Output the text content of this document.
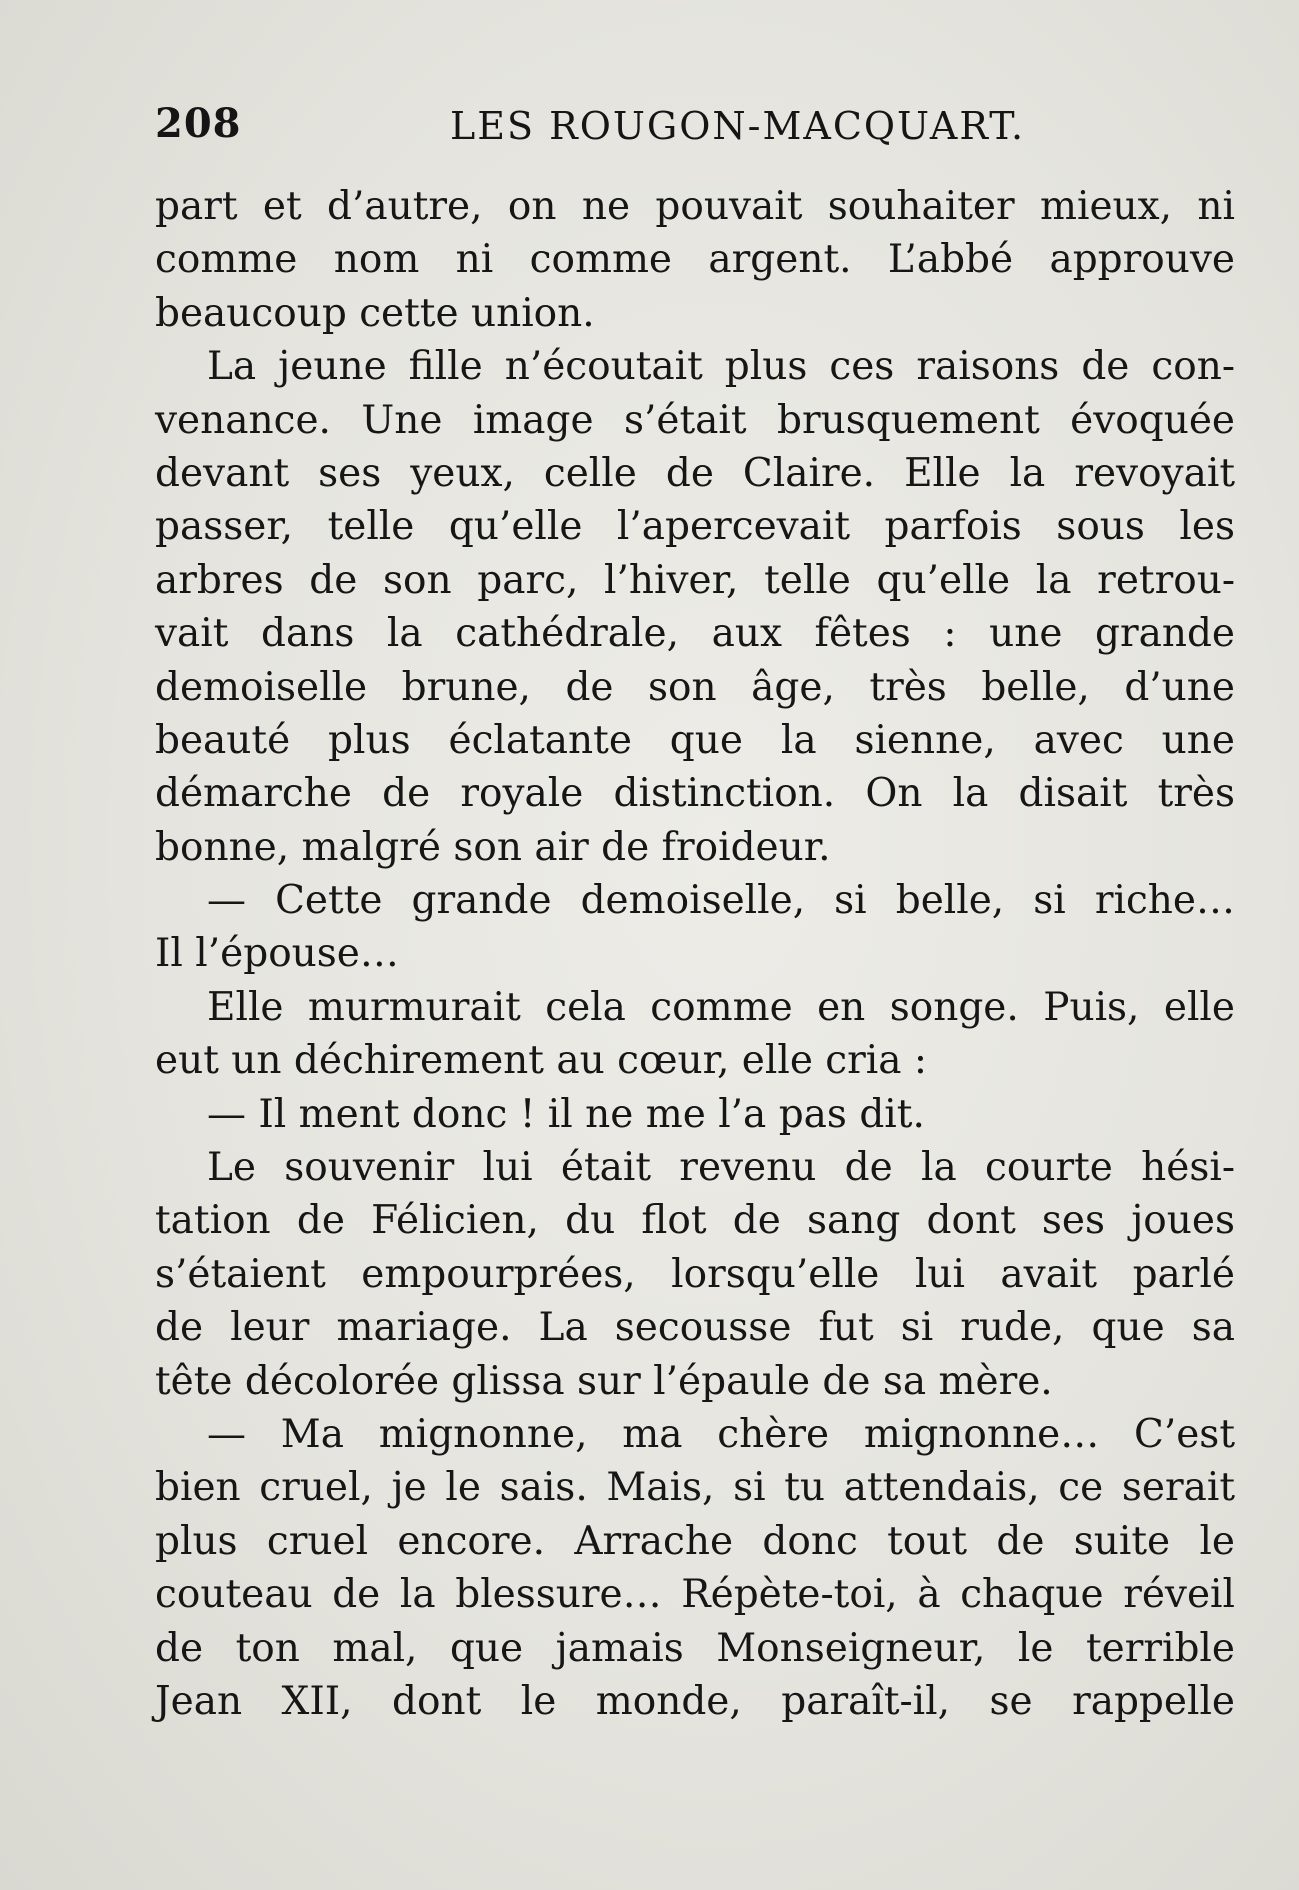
208	LES ROUGON-MACQUART.
part et d’autre, on ne pouvait souhaiter mieux, ni
comme nom ni comme argent. L’abbé approuve
beaucoup cette union.
La jeune fille n’écoutait plus ces raisons de con-
venance. Une image s’était brusquement évoquée
devant ses yeux, celle de Claire. Elle la revoyait
passer, telle qu’elle l’apercevait parfois sous les
arbres de son parc, l’hiver, telle qu’elle la retrou-
vait dans la cathédrale, aux fêtes : une grande
demoiselle brune, de son âge, très belle, d’une
beauté plus éclatante que la sienne, avec une
démarche de royale distinction. On la disait très
bonne, malgré son air de froideur.
— Cette grande demoiselle, si belle, si riche…
Il l’épouse…
Elle murmurait cela comme en songe. Puis, elle
eut un déchirement au cœur, elle cria :
— Il ment donc ! il ne me l’a pas dit.
Le souvenir lui était revenu de la courte hési-
tation de Félicien, du flot de sang dont ses joues
s’étaient empourprées, lorsqu’elle lui avait parlé
de leur mariage. La secousse fut si rude, que sa
tête décolorée glissa sur l’épaule de sa mère.
— Ma mignonne, ma chère mignonne… C’est
bien cruel, je le sais. Mais, si tu attendais, ce serait
plus cruel encore. Arrache donc tout de suite le
couteau de la blessure… Répète-toi, à chaque réveil
de ton mal, que jamais Monseigneur, le terrible
Jean XII, dont le monde, paraît-il, se rappelle
